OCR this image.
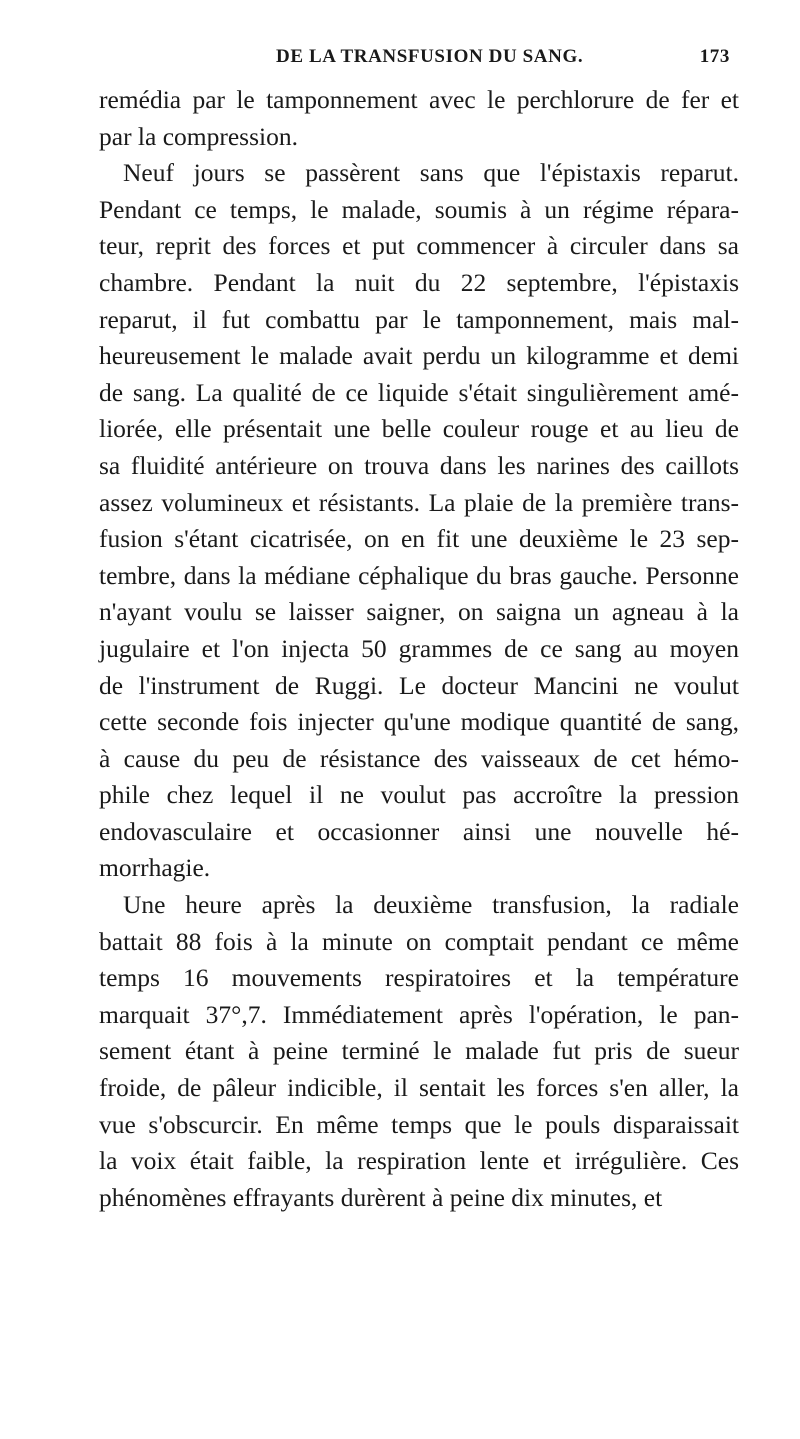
DE LA TRANSFUSION DU SANG.	173
remédia par le tamponnement avec le perchlorure de fer et
par la compression.
Neuf jours se passèrent sans que l'épistaxis reparut.
Pendant ce temps, le malade, soumis à un régime répara-
teur, reprit des forces et put commencer à circuler dans sa
chambre. Pendant la nuit du 22 septembre, l'épistaxis
reparut, il fut combattu par le tamponnement, mais mal-
heureusement le malade avait perdu un kilogramme et demi
de sang. La qualité de ce liquide s'était singulièrement amé-
liorée, elle présentait une belle couleur rouge et au lieu de
sa fluidité antérieure on trouva dans les narines des caillots
assez volumineux et résistants. La plaie de la première trans-
fusion s'étant cicatrisée, on en fit une deuxième le 23 sep-
tembre, dans la médiane céphalique du bras gauche. Personne
n'ayant voulu se laisser saigner, on saigna un agneau à la
jugulaire et l'on injecta 50 grammes de ce sang au moyen
de l'instrument de Ruggi. Le docteur Mancini ne voulut
cette seconde fois injecter qu'une modique quantité de sang,
à cause du peu de résistance des vaisseaux de cet hémo-
phile chez lequel il ne voulut pas accroître la pression
endovasculaire et occasionner ainsi une nouvelle hé-
morrhagie.
Une heure après la deuxième transfusion, la radiale
battait 88 fois à la minute on comptait pendant ce même
temps 16 mouvements respiratoires et la température
marquait 37°,7. Immédiatement après l'opération, le pan-
sement étant à peine terminé le malade fut pris de sueur
froide, de pâleur indicible, il sentait les forces s'en aller, la
vue s'obscurcir. En même temps que le pouls disparaissait
la voix était faible, la respiration lente et irrégulière. Ces
phénomènes effrayants durèrent à peine dix minutes, et
